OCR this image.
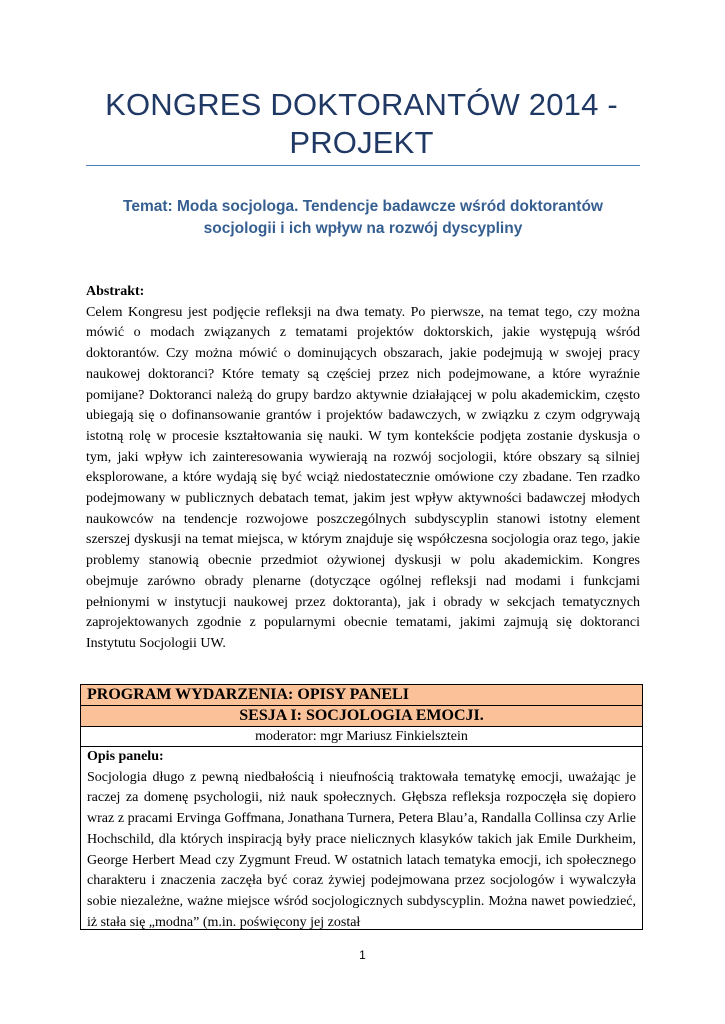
KONGRES DOKTORANTÓW 2014 - PROJEKT
Temat: Moda socjologa. Tendencje badawcze wśród doktorantów socjologii i ich wpływ na rozwój dyscypliny
Abstrakt:
Celem Kongresu jest podjęcie refleksji na dwa tematy. Po pierwsze, na temat tego, czy można mówić o modach związanych z tematami projektów doktorskich, jakie występują wśród doktorantów. Czy można mówić o dominujących obszarach, jakie podejmują w swojej pracy naukowej doktoranci? Które tematy są częściej przez nich podejmowane, a które wyraźnie pomijane? Doktoranci należą do grupy bardzo aktywnie działającej w polu akademickim, często ubiegają się o dofinansowanie grantów i projektów badawczych, w związku z czym odgrywają istotną rolę w procesie kształtowania się nauki. W tym kontekście podjęta zostanie dyskusja o tym, jaki wpływ ich zainteresowania wywierają na rozwój socjologii, które obszary są silniej eksplorowane, a które wydają się być wciąż niedostatecznie omówione czy zbadane. Ten rzadko podejmowany w publicznych debatach temat, jakim jest wpływ aktywności badawczej młodych naukowców na tendencje rozwojowe poszczególnych subdyscyplin stanowi istotny element szerszej dyskusji na temat miejsca, w którym znajduje się współczesna socjologia oraz tego, jakie problemy stanowią obecnie przedmiot ożywionej dyskusji w polu akademickim. Kongres obejmuje zarówno obrady plenarne (dotyczące ogólnej refleksji nad modami i funkcjami pełnionymi w instytucji naukowej przez doktoranta), jak i obrady w sekcjach tematycznych zaprojektowanych zgodnie z popularnymi obecnie tematami, jakimi zajmują się doktoranci Instytutu Socjologii UW.
PROGRAM WYDARZENIA: OPISY PANELI
SESJA I: SOCJOLOGIA EMOCJI.
moderator: mgr Mariusz Finkielsztein
Opis panelu:
Socjologia długo z pewną niedbałością i nieufnością traktowała tematykę emocji, uważając je raczej za domenę psychologii, niż nauk społecznych. Głębsza refleksja rozpoczęła się dopiero wraz z pracami Ervinga Goffmana, Jonathana Turnera, Petera Blau’a, Randalla Collinsa czy Arlie Hochschild, dla których inspiracją były prace nielicznych klasyków takich jak Emile Durkheim, George Herbert Mead czy Zygmunt Freud. W ostatnich latach tematyka emocji, ich społecznego charakteru i znaczenia zaczęła być coraz żywiej podejmowana przez socjologów i wywalczyła sobie niezależne, ważne miejsce wśród socjologicznych subdyscyplin. Można nawet powiedzieć, iż stała się „modna” (m.in. poświęcony jej został
1
